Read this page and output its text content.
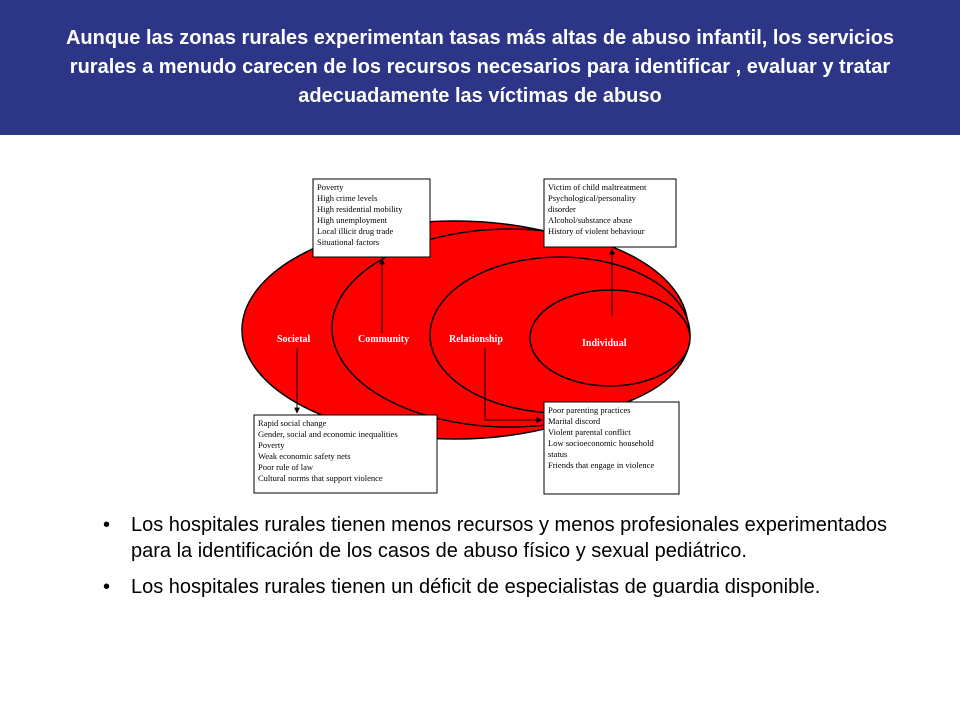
Aunque las zonas rurales experimentan tasas más altas de abuso infantil, los servicios rurales a menudo carecen de los recursos necesarios para identificar , evaluar y tratar adecuadamente las víctimas de abuso

Societal	Community	Relationship	Individual
Poverty High crime levels High residential mobility High unemployment Local illicit drug trade Situational factors
Victim of child maltreatment Psychological/personality disorder Alcohol/substance abuse History of violent behaviour
Rapid social change Gender, social and economic inequalities Poverty Weak economic safety nets Poor rule of law Cultural norms that support violence
Poor parenting practices Marital discord Violent parental conflict Low socioeconomic household status Friends that engage in violence
• Los hospitales rurales tienen menos recursos y menos profesionales experimentados para la identificación de los casos de abuso físico y sexual pediátrico.
• Los hospitales rurales tienen un déficit de especialistas de guardia disponible.
